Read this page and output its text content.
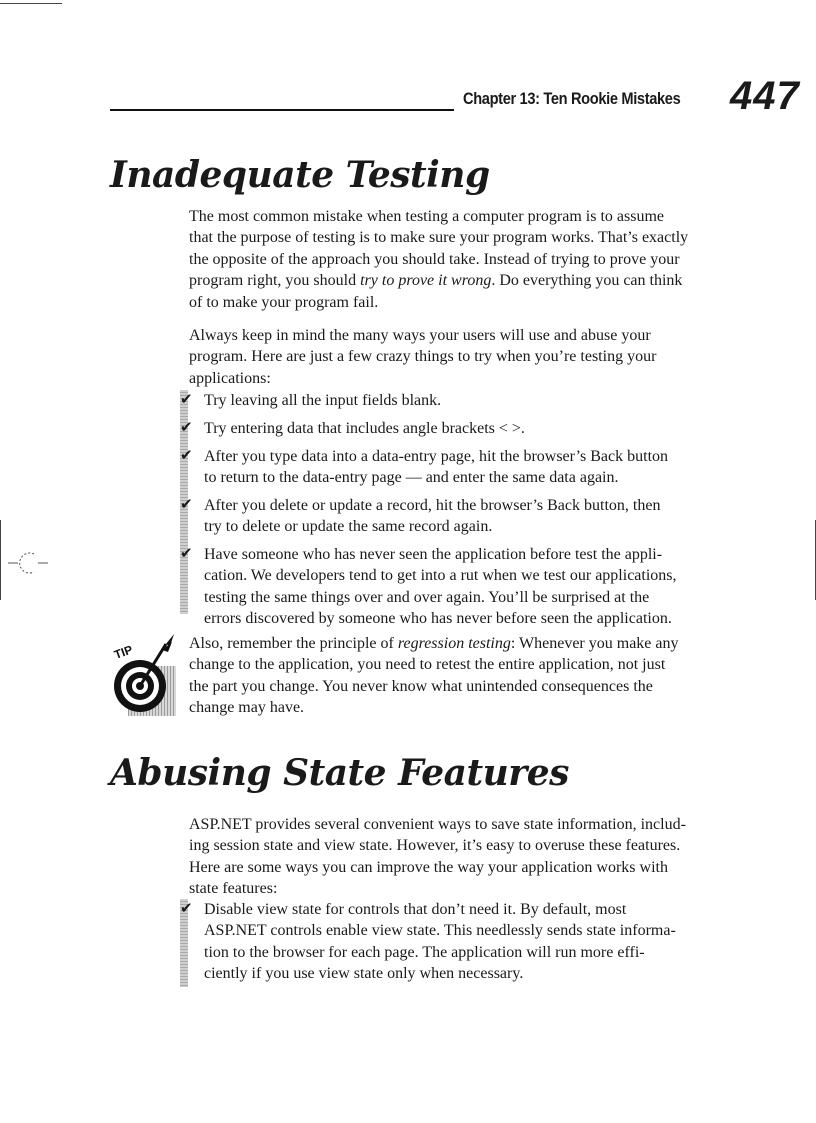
Chapter 13: Ten Rookie Mistakes 447
Inadequate Testing

The most common mistake when testing a computer program is to assume
that the purpose of testing is to make sure your program works. That’s exactly
the opposite of the approach you should take. Instead of trying to prove your
program right, you should try to prove it wrong. Do everything you can think
of to make your program fail.

Always keep in mind the many ways your users will use and abuse your
program. Here are just a few crazy things to try when you’re testing your
applications:

✔ Try leaving all the input fields blank.
✔ Try entering data that includes angle brackets < >.
✔ After you type data into a data-entry page, hit the browser’s Back button
to return to the data-entry page — and enter the same data again.
✔ After you delete or update a record, hit the browser’s Back button, then
try to delete or update the same record again.
✔ Have someone who has never seen the application before test the appli-
cation. We developers tend to get into a rut when we test our applications,
testing the same things over and over again. You’ll be surprised at the
errors discovered by someone who has never before seen the application.
TIP	Also, remember the principle of regression testing: Whenever you make any
change to the application, you need to retest the entire application, not just
the part you change. You never know what unintended consequences the
change may have.

Abusing State Features

ASP.NET provides several convenient ways to save state information, includ-
ing session state and view state. However, it’s easy to overuse these features.
Here are some ways you can improve the way your application works with
state features:

✔ Disable view state for controls that don’t need it. By default, most
ASP.NET controls enable view state. This needlessly sends state informa-
tion to the browser for each page. The application will run more effi-
ciently if you use view state only when necessary.
